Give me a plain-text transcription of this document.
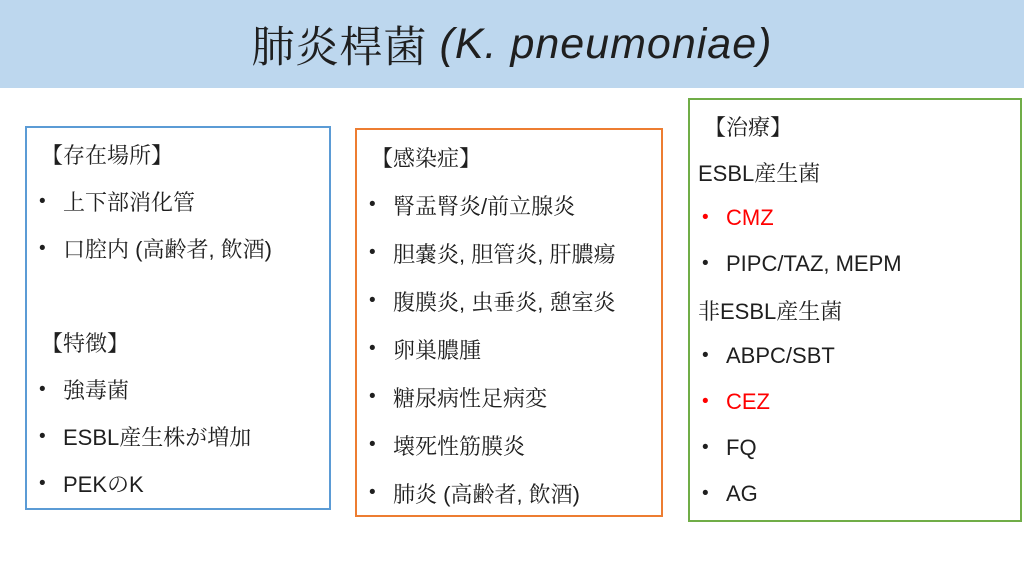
肺炎桿菌 (K. pneumoniae)
【存在場所】
• 上下部消化管
• 口腔内 (高齢者, 飲酒)
【特徴】
• 強毒菌
• ESBL産生株が増加
• PEKのK
【感染症】
• 腎盂腎炎/前立腺炎
• 胆嚢炎, 胆管炎, 肝膿瘍
• 腹膜炎, 虫垂炎, 憩室炎
• 卵巣膿腫
• 糖尿病性足病変
• 壊死性筋膜炎
• 肺炎 (高齢者, 飲酒)
【治療】
ESBL産生菌
• CMZ
• PIPC/TAZ, MEPM
非ESBL産生菌
• ABPC/SBT
• CEZ
• FQ
• AG
